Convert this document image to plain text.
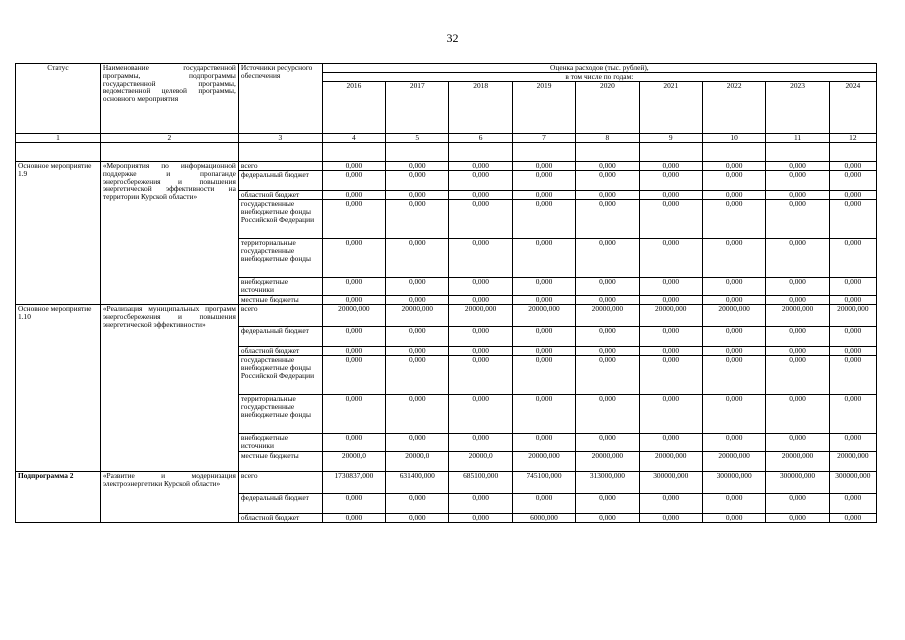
32
Статус	Наименование государственной программы, подпрограммы государственной программы, ведомственной целевой программы, основного мероприятия	Источники ресурсного обеспечения	Оценка расходов (тыс. рублей),								
			в том числе по годам:								
			2016	2017	2018	2019	2020	2021	2022	2023	2024
1	2	3	4	5	6	7	8	9	10	11	12

Основное мероприятие 1.9	«Мероприятия по информационной поддержке и пропаганде энергосбережения и повышения энергетической эффективности на территории Курской области»	всего	0,000	0,000	0,000	0,000	0,000	0,000	0,000	0,000	0,000
		федеральный бюджет	0,000	0,000	0,000	0,000	0,000	0,000	0,000	0,000	0,000
		областной бюджет	0,000	0,000	0,000	0,000	0,000	0,000	0,000	0,000	0,000
		государственные внебюджетные фонды Российской Федерации	0,000	0,000	0,000	0,000	0,000	0,000	0,000	0,000	0,000
		территориальные государственные внебюджетные фонды	0,000	0,000	0,000	0,000	0,000	0,000	0,000	0,000	0,000
		внебюджетные источники	0,000	0,000	0,000	0,000	0,000	0,000	0,000	0,000	0,000
		местные бюджеты	0,000	0,000	0,000	0,000	0,000	0,000	0,000	0,000	0,000
Основное мероприятие 1.10	«Реализация муниципальных программ энергосбережения и повышения энергетической эффективности»	всего	20000,000	20000,000	20000,000	20000,000	20000,000	20000,000	20000,000	20000,000	20000,000
		федеральный бюджет	0,000	0,000	0,000	0,000	0,000	0,000	0,000	0,000	0,000
		областной бюджет	0,000	0,000	0,000	0,000	0,000	0,000	0,000	0,000	0,000
		государственные внебюджетные фонды Российской Федерации	0,000	0,000	0,000	0,000	0,000	0,000	0,000	0,000	0,000
		территориальные государственные внебюджетные фонды	0,000	0,000	0,000	0,000	0,000	0,000	0,000	0,000	0,000
		внебюджетные источники	0,000	0,000	0,000	0,000	0,000	0,000	0,000	0,000	0,000
		местные бюджеты	20000,0	20000,0	20000,0	20000,000	20000,000	20000,000	20000,000	20000,000	20000,000
Подпрограмма 2	«Развитие и модернизация электроэнергетики Курской области»	всего	1730837,000	631400,000	685100,000	745100,000	313000,000	300000,000	300000,000	300000,000	300000,000
		федеральный бюджет	0,000	0,000	0,000	0,000	0,000	0,000	0,000	0,000	0,000
		областной бюджет	0,000	0,000	0,000	6000,000	0,000	0,000	0,000	0,000	0,000
